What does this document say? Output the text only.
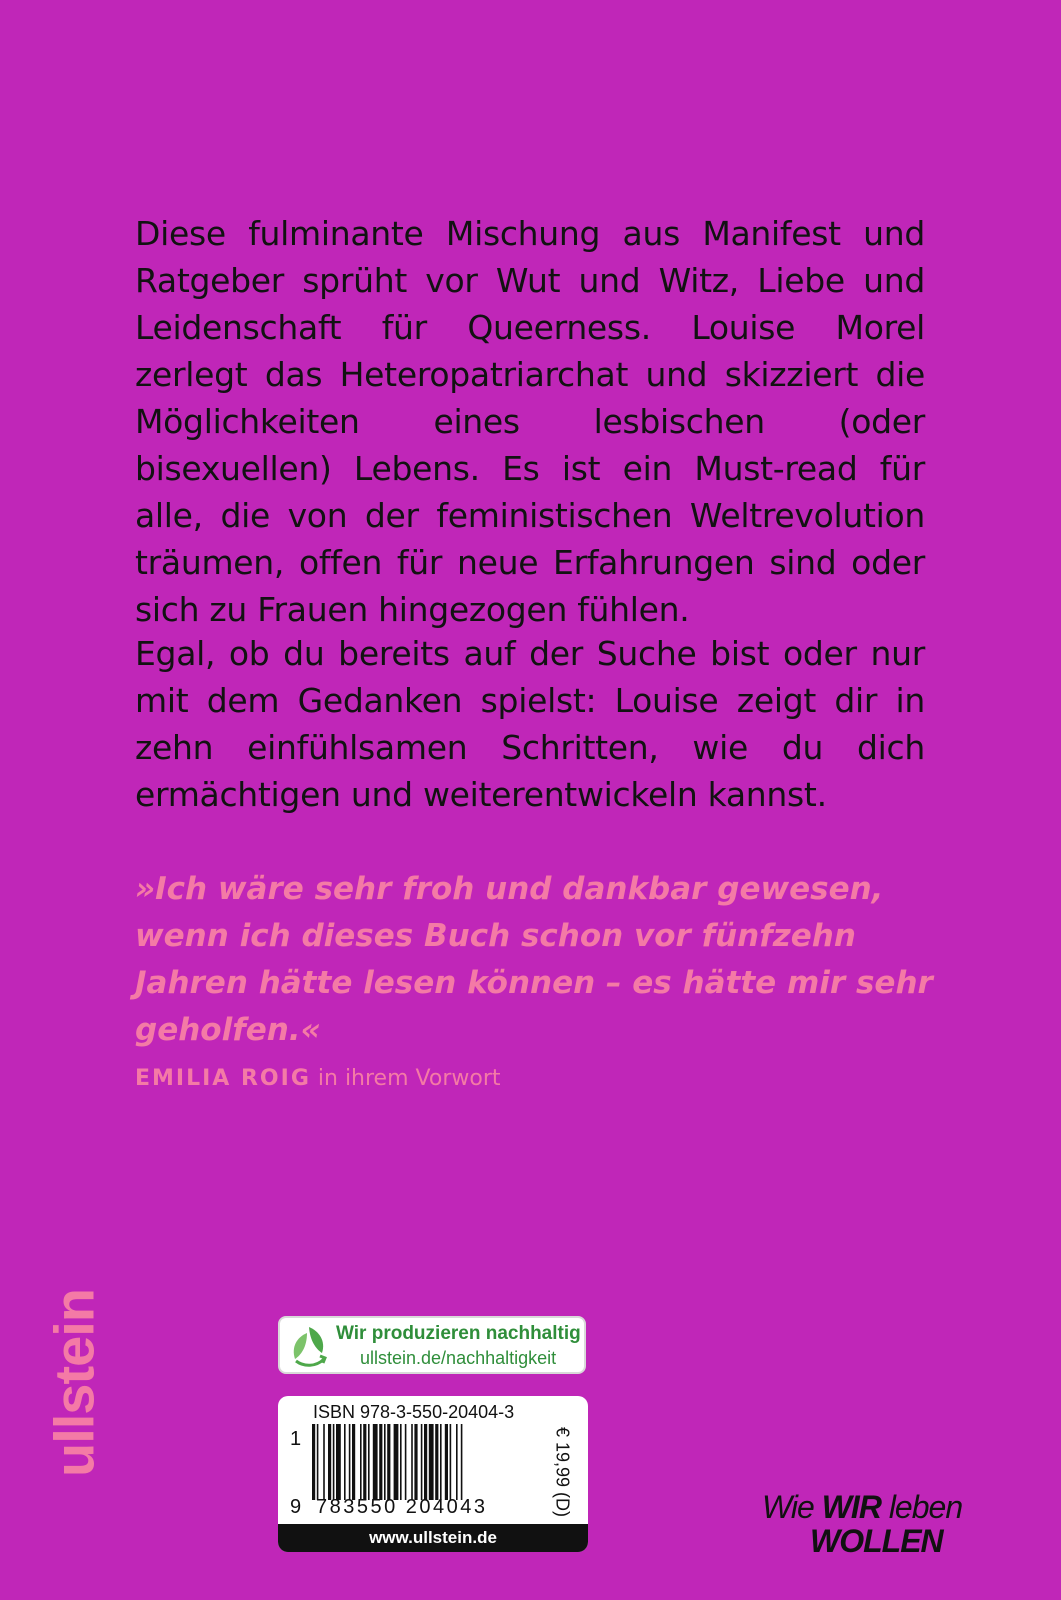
Diese fulminante Mischung aus Manifest und Ratgeber sprüht vor Wut und Witz, Liebe und Leidenschaft für Queerness. Louise Morel zerlegt das Heteropatriarchat und skizziert die Möglichkeiten eines lesbischen (oder bisexuellen) Lebens. Es ist ein Must-read für alle, die von der feministischen Weltrevolution träumen, offen für neue Erfahrungen sind oder sich zu Frauen hingezogen fühlen.

Egal, ob du bereits auf der Suche bist oder nur mit dem Gedanken spielst: Louise zeigt dir in zehn einfühlsamen Schritten, wie du dich ermächtigen und weiterentwickeln kannst.

»Ich wäre sehr froh und dankbar gewesen, wenn ich dieses Buch schon vor fünfzehn Jahren hätte lesen können – es hätte mir sehr geholfen.«

EMILIA ROIG in ihrem Vorwort
ullstein	Wir produzieren nachhaltig
ullstein.de/nachhaltigkeit
ISBN 978-3-550-20404-3
1
9 783550 204043	€ 19,99 (D)
www.ullstein.de
Wie WIR leben
WOLLEN
